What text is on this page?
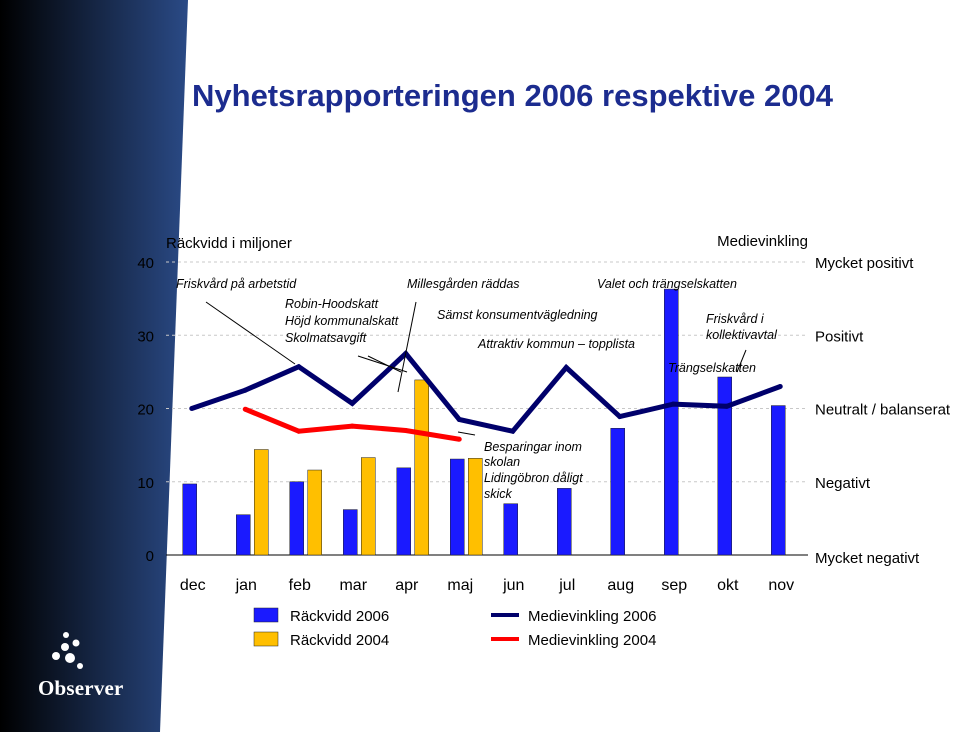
Nyhetsrapporteringen 2006 respektive 2004
0
10
20
30
40
Räckvidd i miljoner	Medievinkling
Mycket negativt
Negativt
Neutralt / balanserat
Positivt
Mycket positivt
dec jan feb mar apr maj jun jul aug sep okt nov
Friskvård på arbetstid	Millesgården räddas	Valet och trängselskatten
Robin-Hoodskatt
Höjd kommunalskatt
Skolmatsavgift
Sämst konsumentvägledning
Attraktiv kommun – topplista
Friskvård i
kollektivavtal
Trängselskatten
Besparingar inom
skolan
Lidingöbron dåligt
skick
Räckvidd 2006
Räckvidd 2004
Medievinkling 2006
Medievinkling 2004
Observer
